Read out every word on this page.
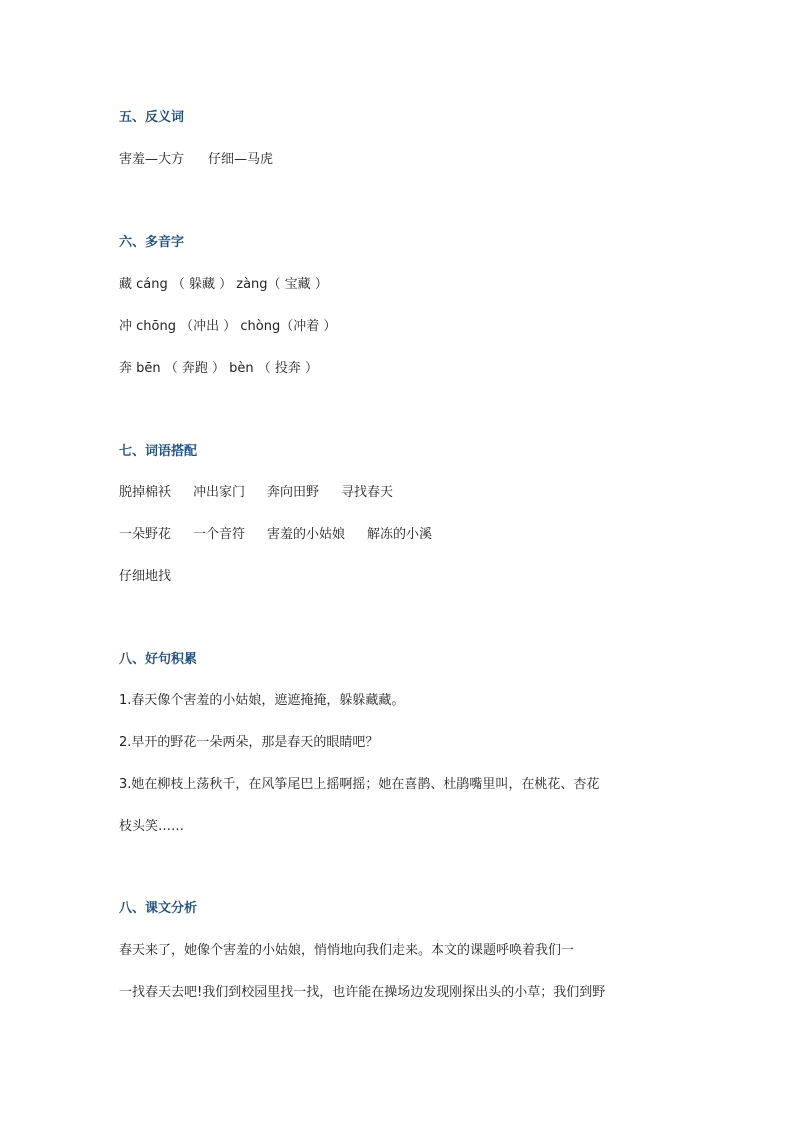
五、反义词
害羞—大方 仔细—马虎
六、多音字
藏 cáng （ 躲藏 ） zàng（ 宝藏 ）
冲 chōng （冲出 ） chòng（冲着 ）
奔 bēn （ 奔跑 ） bèn （ 投奔 ）
七、词语搭配
脱掉棉袄 冲出家门 奔向田野 寻找春天
一朵野花 一个音符 害羞的小姑娘 解冻的小溪
仔细地找
八、好句积累
1.春天像个害羞的小姑娘，遮遮掩掩，躲躲藏藏。
2.早开的野花一朵两朵，那是春天的眼睛吧？
3.她在柳枝上荡秋千，在风筝尾巴上摇啊摇；她在喜鹊、杜鹃嘴里叫，在桃花、杏花
枝头笑……
八、课文分析
春天来了，她像个害羞的小姑娘，悄悄地向我们走来。本文的课题呼唤着我们一
一找春天去吧!我们到校园里找一找，也许能在操场边发现刚探出头的小草；我们到野
